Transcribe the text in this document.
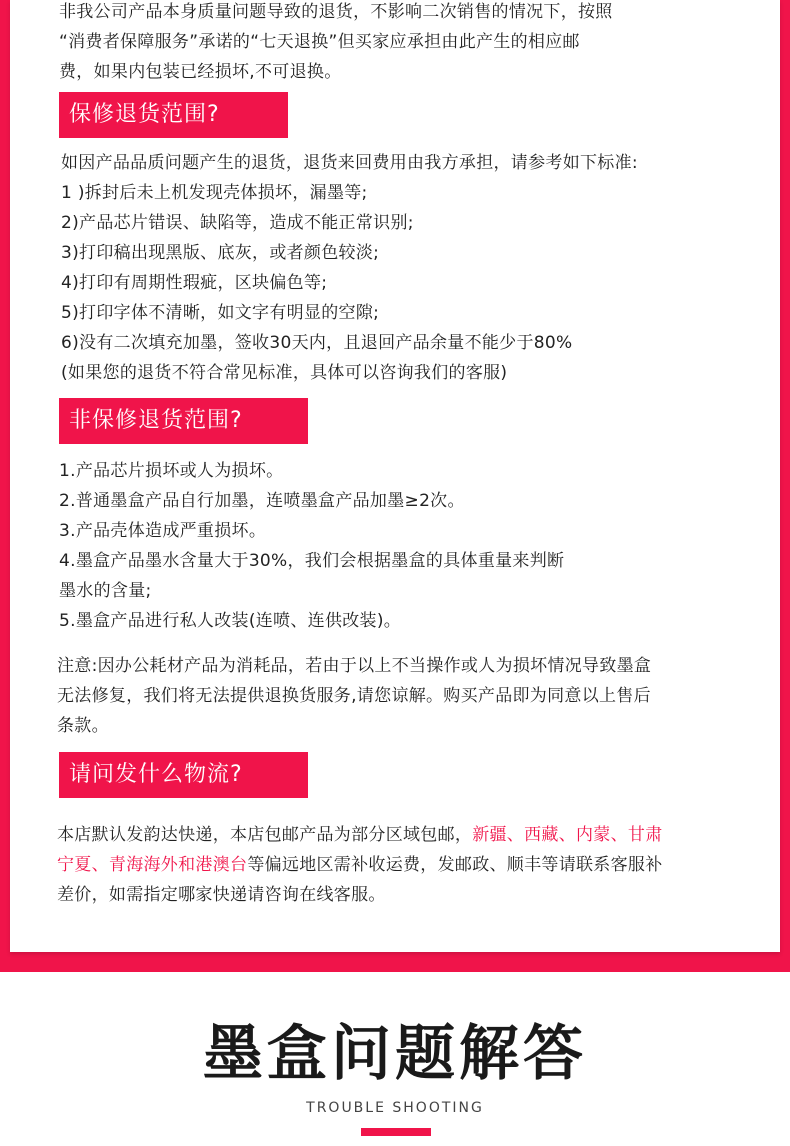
非我公司产品本身质量问题导致的退货，不影响二次销售的情况下，按照
“消费者保障服务”承诺的“七天退换”但买家应承担由此产生的相应邮
费，如果内包装已经损坏,不可退换。
保修退货范围?
如因产品品质问题产生的退货，退货来回费用由我方承担，请参考如下标准:
1 )拆封后未上机发现壳体损坏，漏墨等;
2)产品芯片错误、缺陷等，造成不能正常识别;
3)打印稿出现黑版、底灰，或者颜色较淡;
4)打印有周期性瑕疵，区块偏色等;
5)打印字体不清晰，如文字有明显的空隙;
6)没有二次填充加墨，签收30天内，且退回产品余量不能少于80%
(如果您的退货不符合常见标准，具体可以咨询我们的客服)
非保修退货范围?
1.产品芯片损坏或人为损坏。
2.普通墨盒产品自行加墨，连喷墨盒产品加墨≥2次。
3.产品壳体造成严重损坏。
4.墨盒产品墨水含量大于30%，我们会根据墨盒的具体重量来判断
墨水的含量;
5.墨盒产品进行私人改装(连喷、连供改装)。
注意:因办公耗材产品为消耗品，若由于以上不当操作或人为损坏情况导致墨盒
无法修复，我们将无法提供退换货服务,请您谅解。购买产品即为同意以上售后
条款。
请问发什么物流?
本店默认发韵达快递，本店包邮产品为部分区域包邮，新疆、西藏、内蒙、甘肃
宁夏、青海海外和港澳台等偏远地区需补收运费，发邮政、顺丰等请联系客服补
差价，如需指定哪家快递请咨询在线客服。
墨盒问题解答
TROUBLE SHOOTING
